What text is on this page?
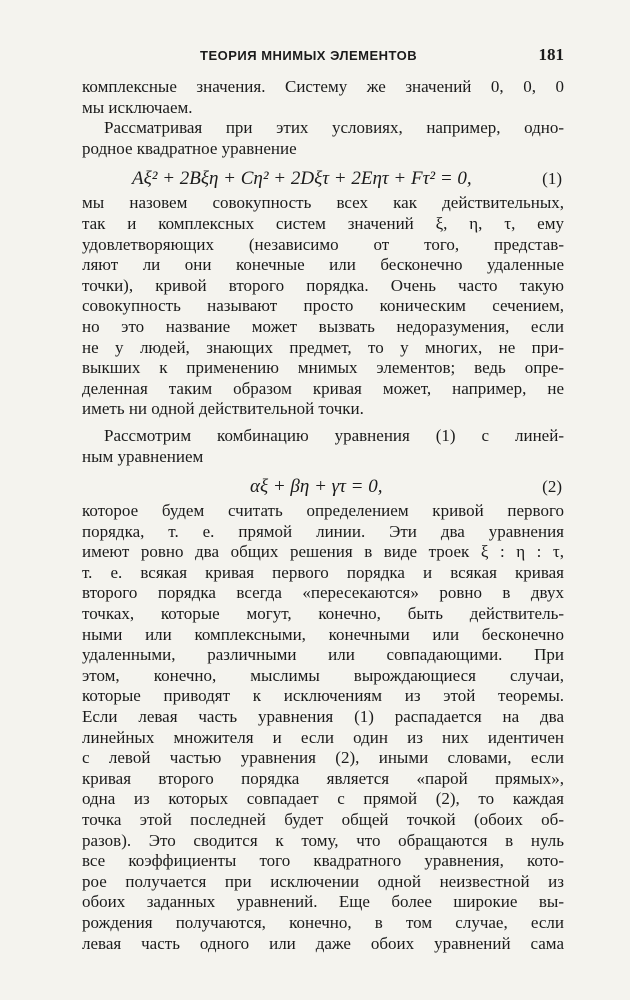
ТЕОРИЯ МНИМЫХ ЭЛЕМЕНТОВ	181
комплексные значения. Систему же значений 0, 0, 0
мы исключаем.
Рассматривая при этих условиях, например, одно-
родное квадратное уравнение
Aξ² + 2Bξη + Cη² + 2Dξτ + 2Eητ + Fτ² = 0,	(1)
мы назовем совокупность всех как действительных,
так и комплексных систем значений ξ, η, τ, ему
удовлетворяющих (независимо от того, представ-
ляют ли они конечные или бесконечно удаленные
точки), кривой второго порядка. Очень часто такую
совокупность называют просто коническим сечением,
но это название может вызвать недоразумения, если
не у людей, знающих предмет, то у многих, не при-
выкших к применению мнимых элементов; ведь опре-
деленная таким образом кривая может, например, не
иметь ни одной действительной точки.
Рассмотрим комбинацию уравнения (1) с линей-
ным уравнением
αξ + βη + γτ = 0,	(2)
которое будем считать определением кривой первого
порядка, т. е. прямой линии. Эти два уравнения
имеют ровно два общих решения в виде троек ξ : η : τ,
т. е. всякая кривая первого порядка и всякая кривая
второго порядка всегда «пересекаются» ровно в двух
точках, которые могут, конечно, быть действитель-
ными или комплексными, конечными или бесконечно
удаленными, различными или совпадающими. При
этом, конечно, мыслимы вырождающиеся случаи,
которые приводят к исключениям из этой теоремы.
Если левая часть уравнения (1) распадается на два
линейных множителя и если один из них идентичен
с левой частью уравнения (2), иными словами, если
кривая второго порядка является «парой прямых»,
одна из которых совпадает с прямой (2), то каждая
точка этой последней будет общей точкой (обоих об-
разов). Это сводится к тому, что обращаются в нуль
все коэффициенты того квадратного уравнения, кото-
рое получается при исключении одной неизвестной из
обоих заданных уравнений. Еще более широкие вы-
рождения получаются, конечно, в том случае, если
левая часть одного или даже обоих уравнений сама
